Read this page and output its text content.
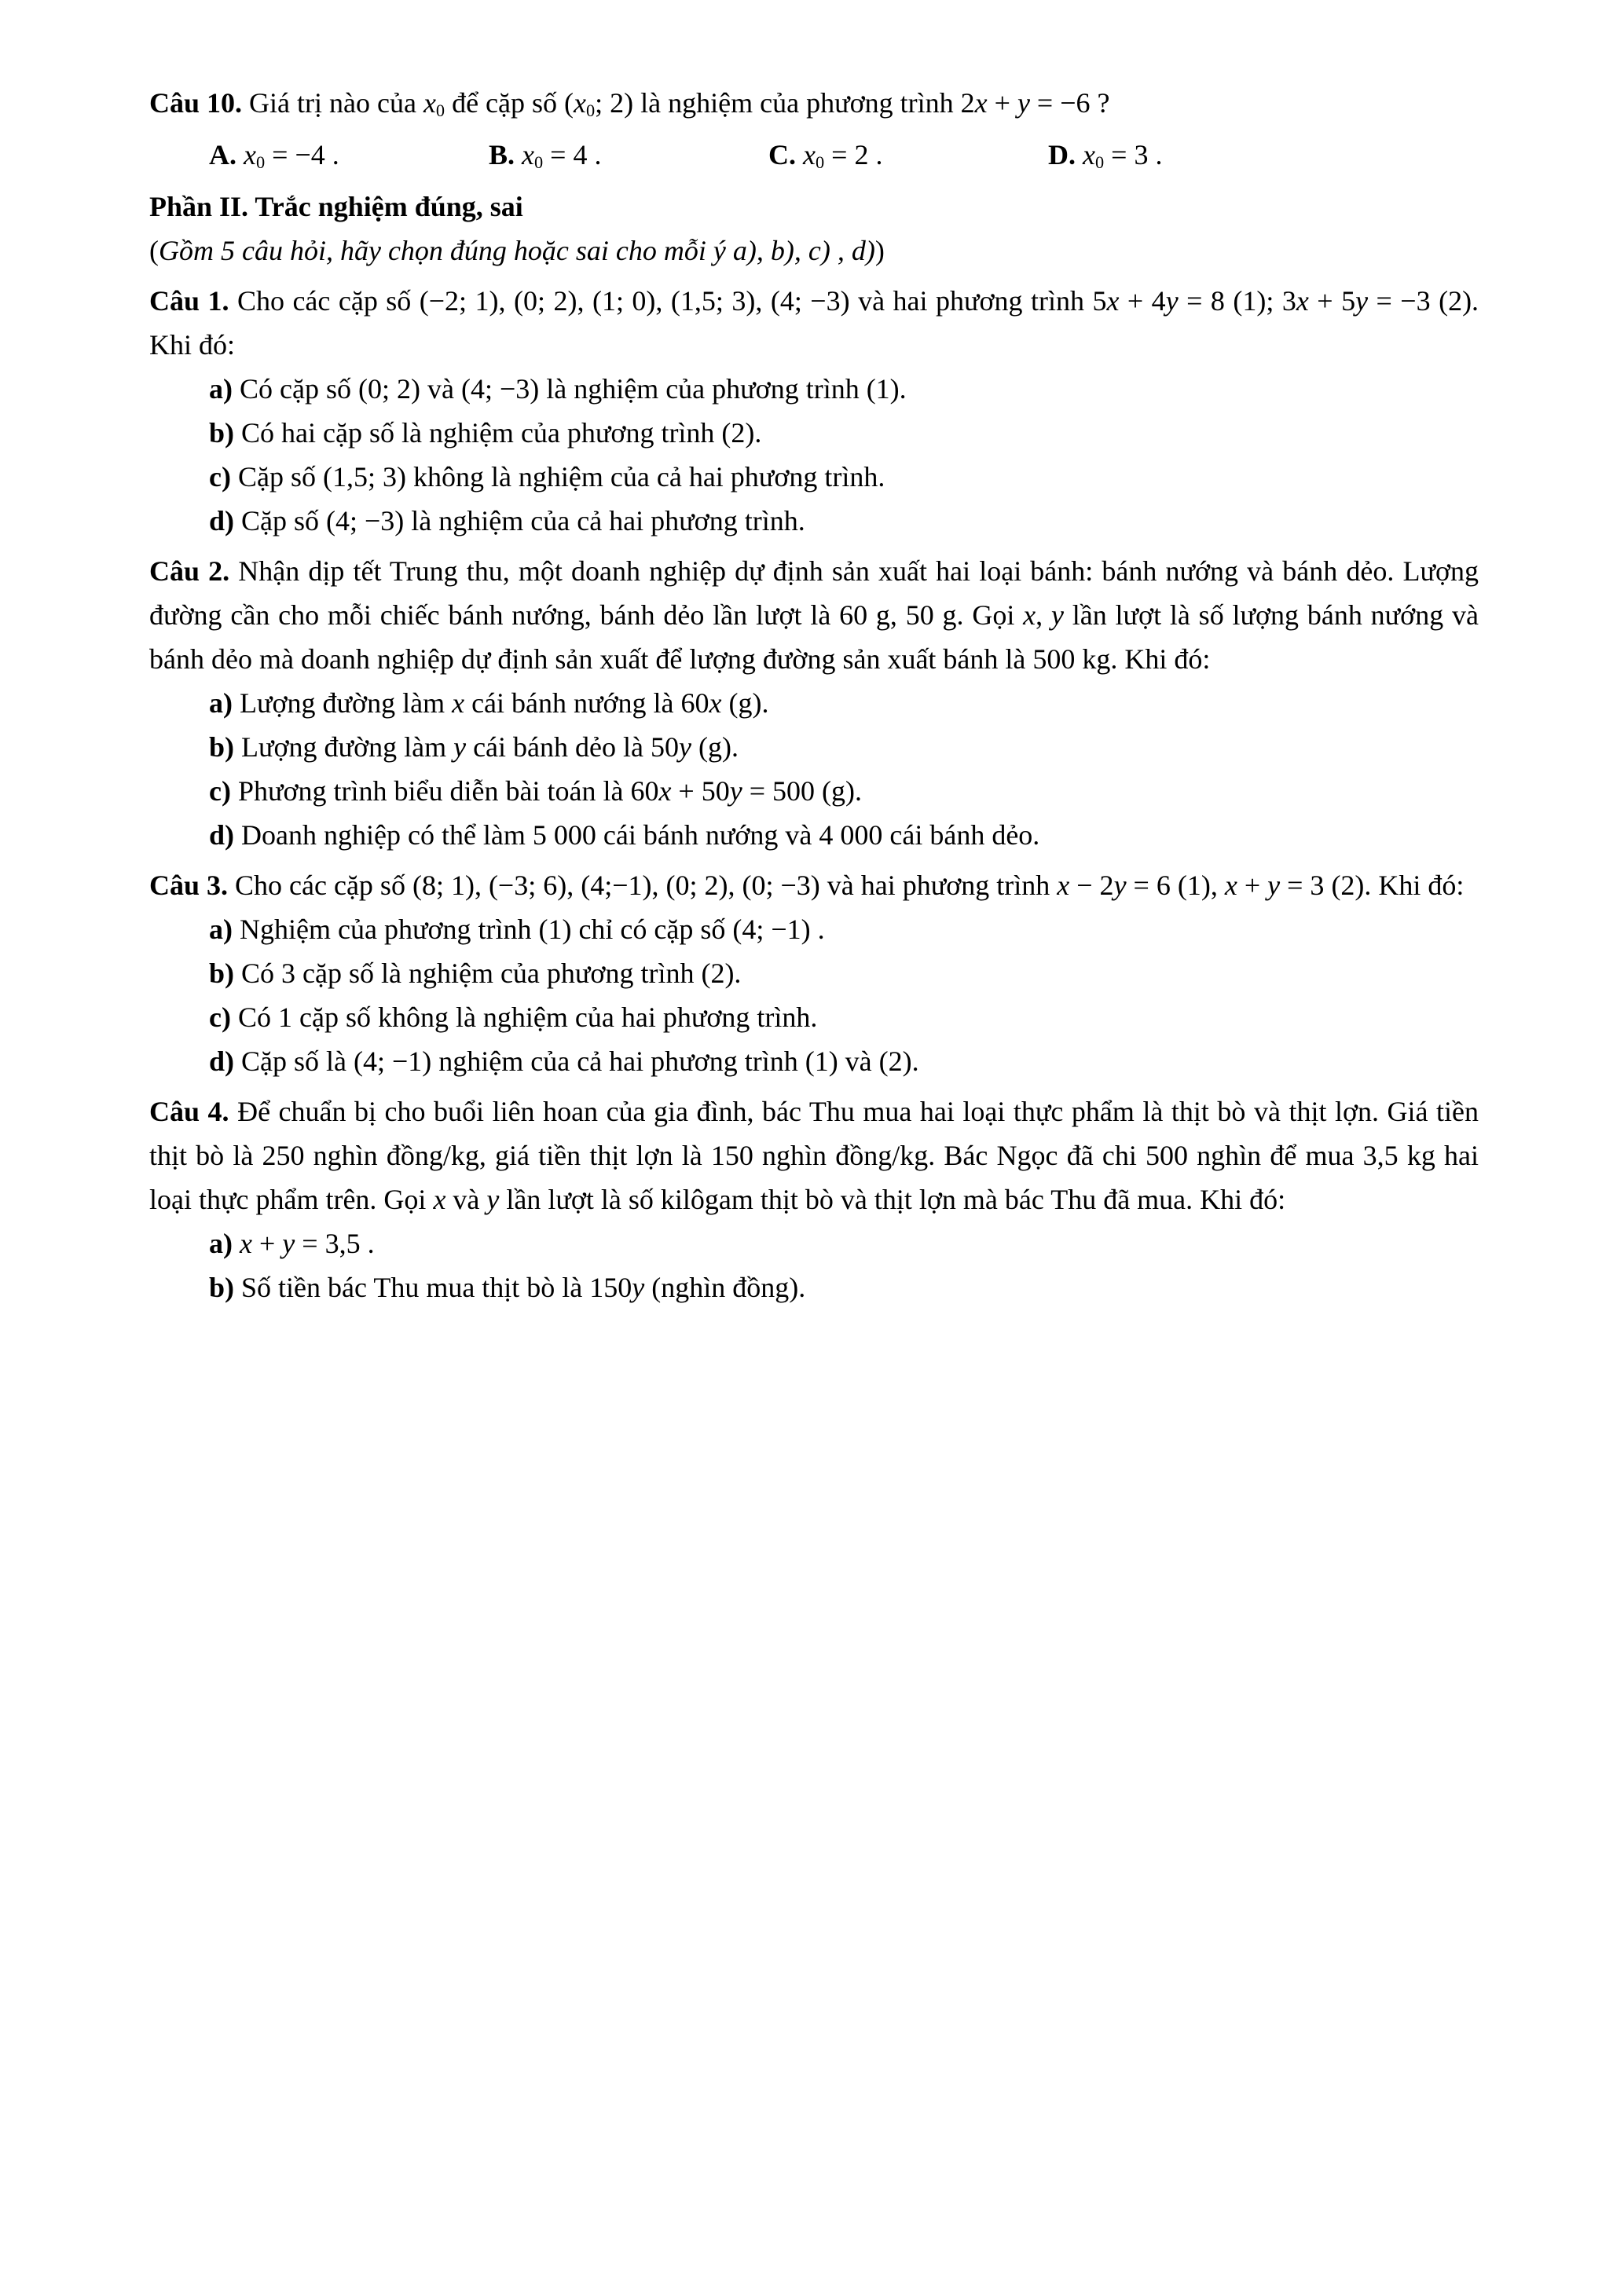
Câu 10. Giá trị nào của x0 để cặp số (x0; 2) là nghiệm của phương trình 2x + y = −6 ?

A. x0 = −4 .	B. x0 = 4 .	C. x0 = 2 .	D. x0 = 3 .

Phần II. Trắc nghiệm đúng, sai

(Gồm 5 câu hỏi, hãy chọn đúng hoặc sai cho mỗi ý a), b), c) , d))

Câu 1. Cho các cặp số (−2; 1), (0; 2), (1; 0), (1,5; 3), (4; −3) và hai phương trình 5x + 4y = 8 (1); 3x + 5y = −3 (2). Khi đó:

a) Có cặp số (0; 2) và (4; −3) là nghiệm của phương trình (1).

b) Có hai cặp số là nghiệm của phương trình (2).

c) Cặp số (1,5; 3) không là nghiệm của cả hai phương trình.

d) Cặp số (4; −3) là nghiệm của cả hai phương trình.

Câu 2. Nhận dịp tết Trung thu, một doanh nghiệp dự định sản xuất hai loại bánh: bánh nướng và bánh dẻo. Lượng đường cần cho mỗi chiếc bánh nướng, bánh dẻo lần lượt là 60 g, 50 g. Gọi x, y lần lượt là số lượng bánh nướng và bánh dẻo mà doanh nghiệp dự định sản xuất để lượng đường sản xuất bánh là 500 kg. Khi đó:

a) Lượng đường làm x cái bánh nướng là 60x (g).

b) Lượng đường làm y cái bánh dẻo là 50y (g).

c) Phương trình biểu diễn bài toán là 60x + 50y = 500 (g).

d) Doanh nghiệp có thể làm 5 000 cái bánh nướng và 4 000 cái bánh dẻo.

Câu 3. Cho các cặp số (8; 1), (−3; 6), (4;−1), (0; 2), (0; −3) và hai phương trình x − 2y = 6 (1), x + y = 3 (2). Khi đó:

a) Nghiệm của phương trình (1) chỉ có cặp số (4; −1) .

b) Có 3 cặp số là nghiệm của phương trình (2).

c) Có 1 cặp số không là nghiệm của hai phương trình.

d) Cặp số là (4; −1) nghiệm của cả hai phương trình (1) và (2).

Câu 4. Để chuẩn bị cho buổi liên hoan của gia đình, bác Thu mua hai loại thực phẩm là thịt bò và thịt lợn. Giá tiền thịt bò là 250 nghìn đồng/kg, giá tiền thịt lợn là 150 nghìn đồng/kg. Bác Ngọc đã chi 500 nghìn để mua 3,5 kg hai loại thực phẩm trên. Gọi x và y lần lượt là số kilôgam thịt bò và thịt lợn mà bác Thu đã mua. Khi đó:

a) x + y = 3,5 .

b) Số tiền bác Thu mua thịt bò là 150y (nghìn đồng).
